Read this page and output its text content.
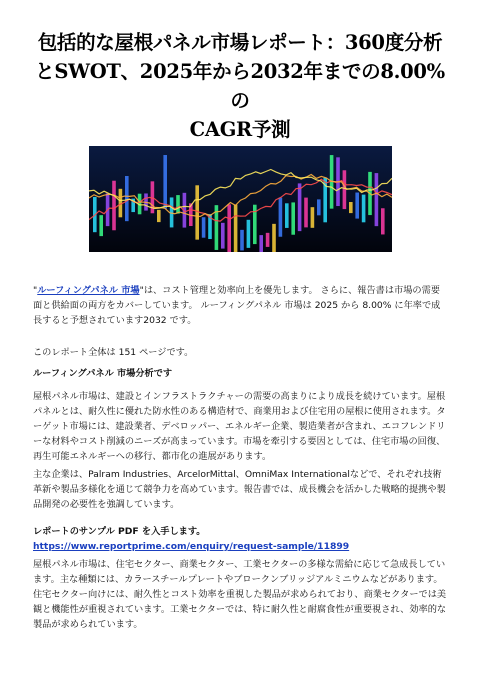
包括的な屋根パネル市場レポート：360度分析
とSWOT、2025年から2032年までの8.00%の
CAGR予測

"ルーフィングパネル 市場"は、コスト管理と効率向上を優先します。 さらに、報告書は市場の需要面と供給面の両方をカバーしています。 ルーフィングパネル 市場は 2025 から 8.00% に年率で成長すると予想されています2032 です。

このレポート全体は 151 ページです。

ルーフィングパネル 市場分析です

屋根パネル市場は、建設とインフラストラクチャーの需要の高まりにより成長を続けています。屋根パネルとは、耐久性に優れた防水性のある構造材で、商業用および住宅用の屋根に使用されます。ターゲット市場には、建設業者、デベロッパー、エネルギー企業、製造業者が含まれ、エコフレンドリーな材料やコスト削減のニーズが高まっています。市場を牽引する要因としては、住宅市場の回復、再生可能エネルギーへの移行、都市化の進展があります。

主な企業は、Palram Industries、ArcelorMittal、OmniMax Internationalなどで、それぞれ技術革新や製品多様化を通じて競争力を高めています。報告書では、成長機会を活かした戦略的提携や製品開発の必要性を強調しています。

レポートのサンプル PDF を入手します。 https://www.reportprime.com/enquiry/request-sample/11899

屋根パネル市場は、住宅セクター、商業セクター、工業セクターの多様な需給に応じて急成長しています。主な種類には、カラースチールプレートやブロークンブリッジアルミニウムなどがあります。住宅セクター向けには、耐久性とコスト効率を重視した製品が求められており、商業セクターでは美観と機能性が重視されています。工業セクターでは、特に耐久性と耐腐食性が重要視され、効率的な製品が求められています。
